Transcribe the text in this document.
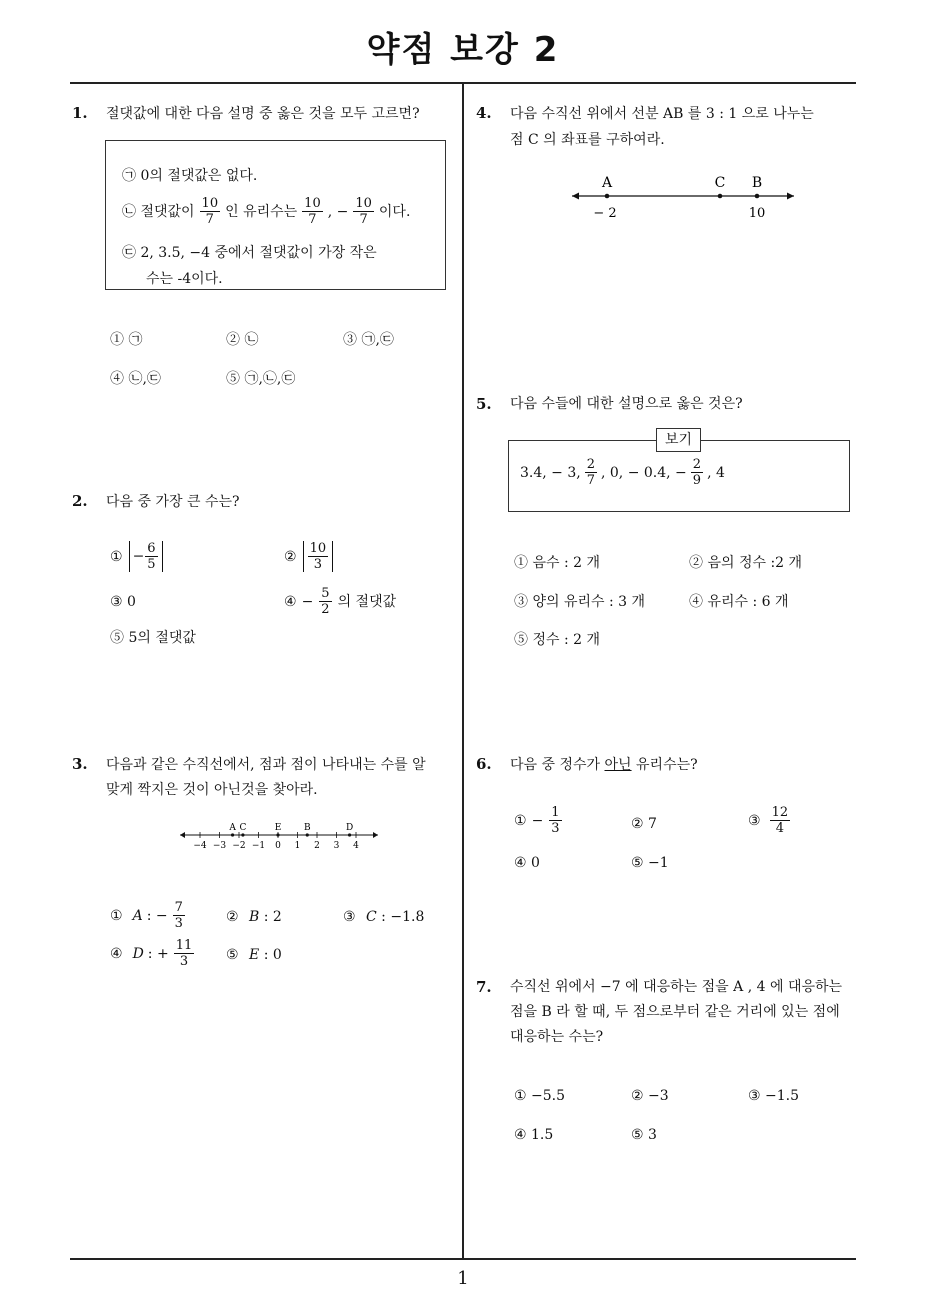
약점 보강 2
1
1. 절댓값에 대한 다음 설명 중 옳은 것을 모두 고르면?
㉠ 0의 절댓값은 없다.
㉡ 절댓값이 $\frac{10}{7}$ 인 유리수는 $\frac{10}{7}$ , − $\frac{10}{7}$ 이다.
㉢ 2, 3.5, −4 중에서 절댓값이 가장 작은
수는 -4이다.
① ㉠	② ㉡	③ ㉠,㉢
④ ㉡,㉢	⑤ ㉠,㉡,㉢
2. 다음 중 가장 큰 수는?
① − $\frac{6}{5}$	② $\frac{10}{3}$
③ 0	④ − $\frac{5}{2}$ 의 절댓값
⑤ 5의 절댓값
3. 다음과 같은 수직선에서, 점과 점이 나타내는 수를 알
맞게 짝지은 것이 아닌것을 찾아라.
−4 −3 −2 −1 0 1 2 3 4
A C	E	B	D
① A : − $\frac{7}{3}$	② B : 2	③ C : −1.8
④ D : + $\frac{11}{3}$ ⑤ E : 0
4. 다음 수직선 위에서 선분 AB 를 3 : 1 으로 나누는
점 C 의 좌표를 구하여라.
A	C B
− 2	10
5. 다음 수들에 대한 설명으로 옳은 것은?
보기
3.4, − 3, $\frac{2}{7}$ , 0, − 0.4, − $\frac{2}{9}$ , 4
① 음수 : 2 개	② 음의 정수 :2 개
③ 양의 유리수 : 3 개	④ 유리수 : 6 개
⑤ 정수 : 2 개
6. 다음 중 정수가 아닌 유리수는?
① − $\frac{1}{3}$	② 7	③ $\frac{12}{4}$
④ 0	⑤ −1
7. 수직선 위에서 −7 에 대응하는 점을 A , 4 에 대응하는
점을 B 라 할 때, 두 점으로부터 같은 거리에 있는 점에
대응하는 수는?
① −5.5	② −3	③ −1.5
④ 1.5	⑤ 3
